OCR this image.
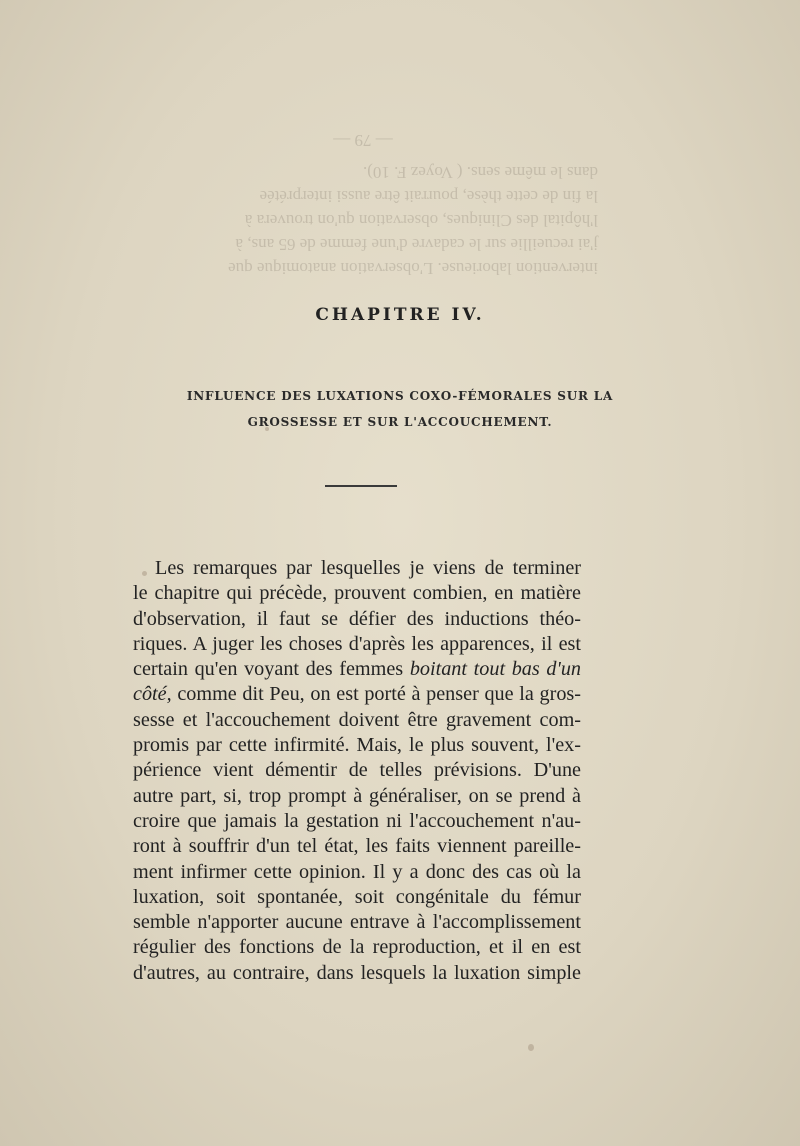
intervention laborieuse. L'observation anatomique que

j'ai recueillie sur le cadavre d'une femme de 65 ans, à

l'hôpital des Cliniques, observation qu'on trouvera à

la fin de cette thèse, pourrait être aussi interprétée

dans le même sens. ( Voyez F. 10).

— 79 —

CHAPITRE IV.
INFLUENCE DES LUXATIONS COXO-FÉMORALES SUR LA
GROSSESSE ET SUR L'ACCOUCHEMENT.
Les remarques par lesquelles je viens de terminer
le chapitre qui précède, prouvent combien, en matière
d'observation, il faut se défier des inductions théo-
riques. A juger les choses d'après les apparences, il est
certain qu'en voyant des femmes boitant tout bas d'un
côté, comme dit Peu, on est porté à penser que la gros-
sesse et l'accouchement doivent être gravement com-
promis par cette infirmité. Mais, le plus souvent, l'ex-
périence vient démentir de telles prévisions. D'une
autre part, si, trop prompt à généraliser, on se prend à
croire que jamais la gestation ni l'accouchement n'au-
ront à souffrir d'un tel état, les faits viennent pareille-
ment infirmer cette opinion. Il y a donc des cas où la
luxation, soit spontanée, soit congénitale du fémur
semble n'apporter aucune entrave à l'accomplissement
régulier des fonctions de la reproduction, et il en est
d'autres, au contraire, dans lesquels la luxation simple
